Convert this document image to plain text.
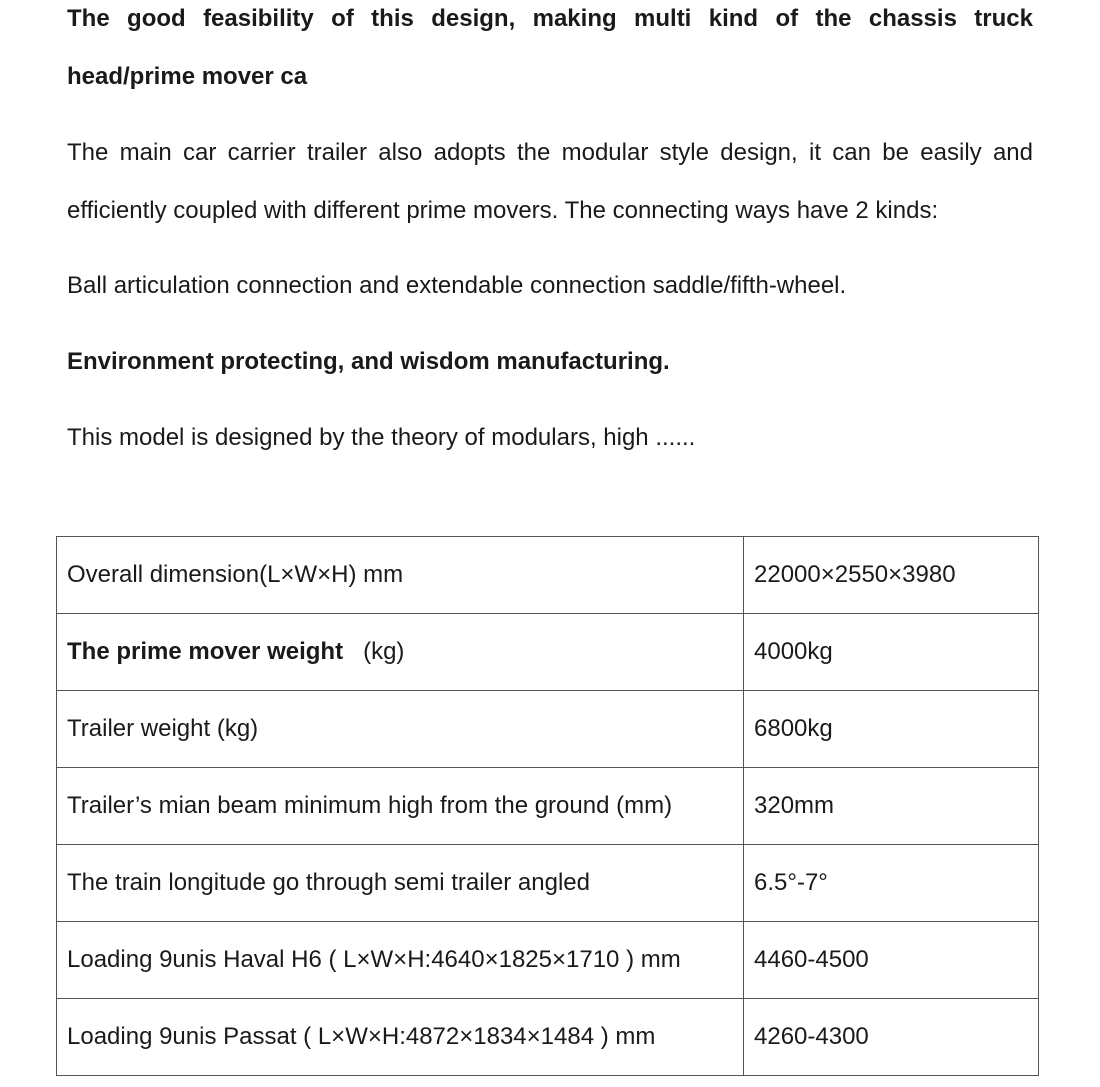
The good feasibility of this design, making multi kind of the chassis truck
head/prime mover ca

The main car carrier trailer also adopts the modular style design, it can be easily and
efficiently coupled with different prime movers. The connecting ways have 2 kinds:

Ball articulation connection and extendable connection saddle/fifth-wheel.

Environment protecting, and wisdom manufacturing.

This model is designed by the theory of modulars, high ......

Overall dimension(L×W×H) mm	22000×2550×3980
The prime mover weight (kg)	4000kg
Trailer weight (kg)	6800kg
Trailer’s mian beam minimum high from the ground (mm)	320mm
The train longitude go through semi trailer angled	6.5°-7°
Loading 9unis Haval H6 ( L×W×H:4640×1825×1710 ) mm	4460-4500
Loading 9unis Passat ( L×W×H:4872×1834×1484 ) mm	4260-4300
